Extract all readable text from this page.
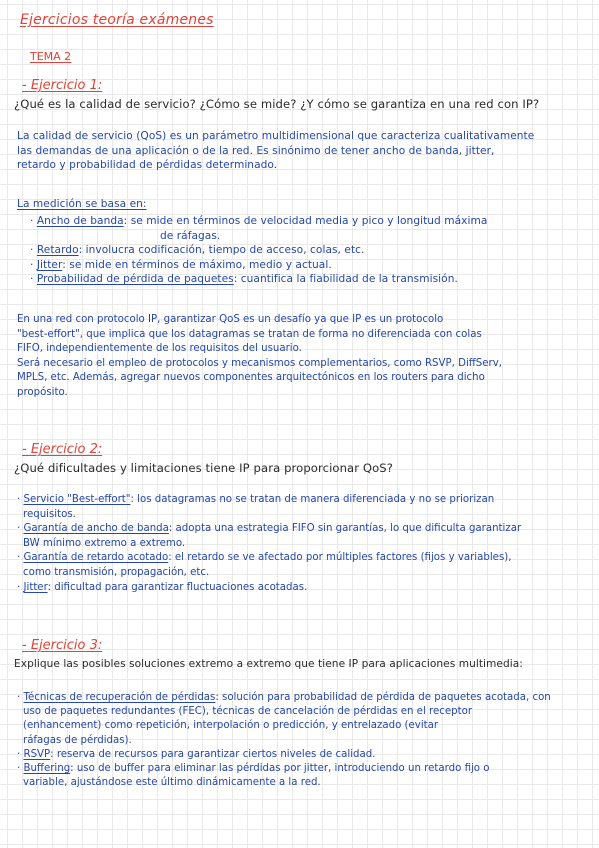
Ejercicios teoría exámenes
TEMA 2
- Ejercicio 1:
¿Qué es la calidad de servicio? ¿Cómo se mide? ¿Y cómo se garantiza en una red con IP?
La calidad de servicio (QoS) es un parámetro multidimensional que caracteriza cualitativamente
las demandas de una aplicación o de la red. Es sinónimo de tener ancho de banda, jitter,
retardo y probabilidad de pérdidas determinado.
La medición se basa en:
· Ancho de banda: se mide en términos de velocidad media y pico y longitud máxima
de ráfagas.
· Retardo: involucra codificación, tiempo de acceso, colas, etc.
· Jitter: se mide en términos de máximo, medio y actual.
· Probabilidad de pérdida de paquetes: cuantifica la fiabilidad de la transmisión.
En una red con protocolo IP, garantizar QoS es un desafío ya que IP es un protocolo
"best-effort", que implica que los datagramas se tratan de forma no diferenciada con colas
FIFO, independientemente de los requisitos del usuario.
Será necesario el empleo de protocolos y mecanismos complementarios, como RSVP, DiffServ,
MPLS, etc. Además, agregar nuevos componentes arquitectónicos en los routers para dicho
propósito.
- Ejercicio 2:
¿Qué dificultades y limitaciones tiene IP para proporcionar QoS?
· Servicio "Best-effort": los datagramas no se tratan de manera diferenciada y no se priorizan
requisitos.
· Garantía de ancho de banda: adopta una estrategia FIFO sin garantías, lo que dificulta garantizar
BW mínimo extremo a extremo.
· Garantía de retardo acotado: el retardo se ve afectado por múltiples factores (fijos y variables),
como transmisión, propagación, etc.
· Jitter: dificultad para garantizar fluctuaciones acotadas.
- Ejercicio 3:
Explique las posibles soluciones extremo a extremo que tiene IP para aplicaciones multimedia:
· Técnicas de recuperación de pérdidas: solución para probabilidad de pérdida de paquetes acotada, con
uso de paquetes redundantes (FEC), técnicas de cancelación de pérdidas en el receptor
(enhancement) como repetición, interpolación o predicción, y entrelazado (evitar
ráfagas de pérdidas).
· RSVP: reserva de recursos para garantizar ciertos niveles de calidad.
· Buffering: uso de buffer para eliminar las pérdidas por jitter, introduciendo un retardo fijo o
variable, ajustándose este último dinámicamente a la red.
